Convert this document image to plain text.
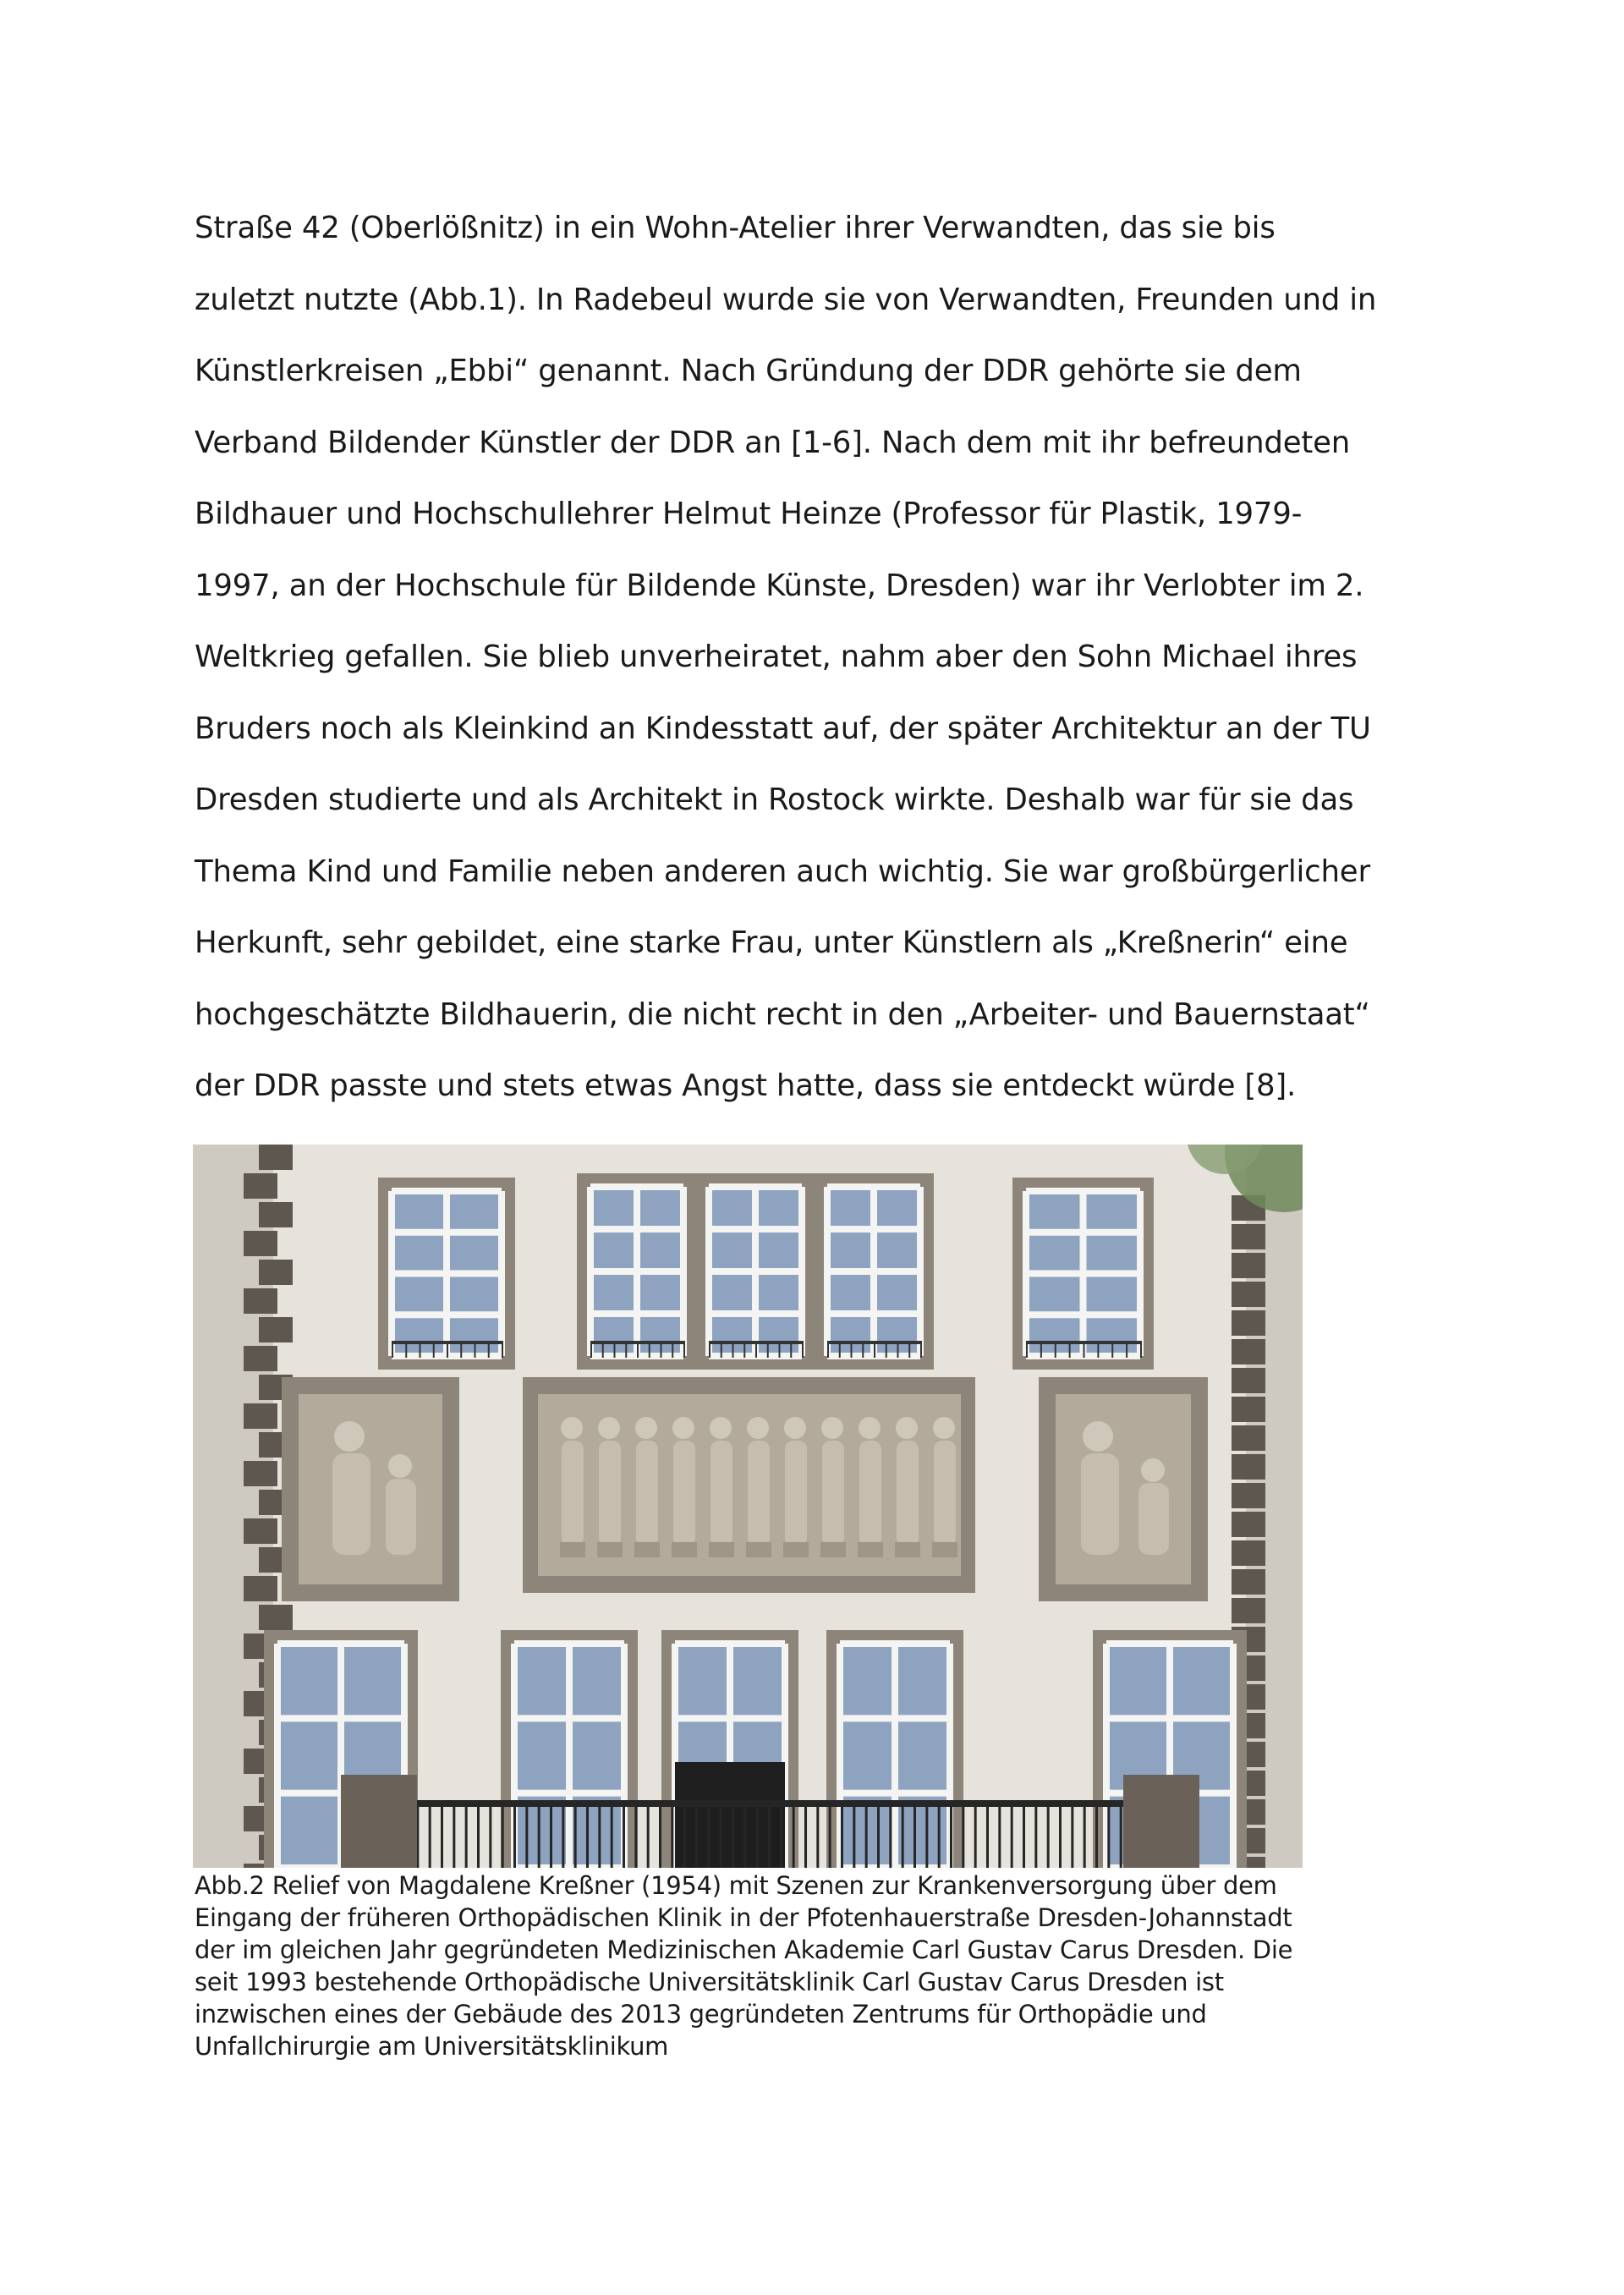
Straße 42 (Oberlößnitz) in ein Wohn-Atelier ihrer Verwandten, das sie bis
zuletzt nutzte (Abb.1). In Radebeul wurde sie von Verwandten, Freunden und in
Künstlerkreisen „Ebbi“ genannt. Nach Gründung der DDR gehörte sie dem
Verband Bildender Künstler der DDR an [1-6]. Nach dem mit ihr befreundeten
Bildhauer und Hochschullehrer Helmut Heinze (Professor für Plastik, 1979-
1997, an der Hochschule für Bildende Künste, Dresden) war ihr Verlobter im 2.
Weltkrieg gefallen. Sie blieb unverheiratet, nahm aber den Sohn Michael ihres
Bruders noch als Kleinkind an Kindesstatt auf, der später Architektur an der TU
Dresden studierte und als Architekt in Rostock wirkte. Deshalb war für sie das
Thema Kind und Familie neben anderen auch wichtig. Sie war großbürgerlicher
Herkunft, sehr gebildet, eine starke Frau, unter Künstlern als „Kreßnerin“ eine
hochgeschätzte Bildhauerin, die nicht recht in den „Arbeiter- und Bauernstaat“
der DDR passte und stets etwas Angst hatte, dass sie entdeckt würde [8].
Abb.2 Relief von Magdalene Kreßner (1954) mit Szenen zur Krankenversorgung über dem
Eingang der früheren Orthopädischen Klinik in der Pfotenhauerstraße Dresden-Johannstadt
der im gleichen Jahr gegründeten Medizinischen Akademie Carl Gustav Carus Dresden. Die
seit 1993 bestehende Orthopädische Universitätsklinik Carl Gustav Carus Dresden ist
inzwischen eines der Gebäude des 2013 gegründeten Zentrums für Orthopädie und
Unfallchirurgie am Universitätsklinikum
